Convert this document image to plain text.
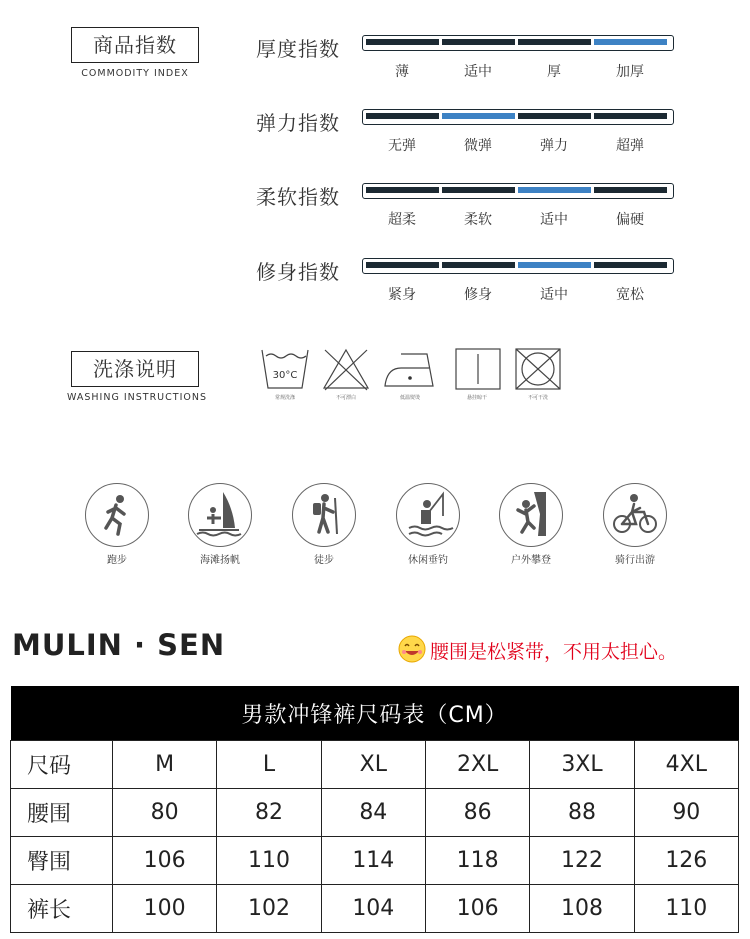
商品指数
COMMODITY INDEX
厚度指数
薄	适中	厚	加厚
弹力指数
无弹	微弹	弹力	超弹
柔软指数
超柔	柔软	适中	偏硬
修身指数
紧身	修身	适中	宽松
洗涤说明
WASHING INSTRUCTIONS
30°C
常规洗涤	不可漂白	低温熨烫	悬挂晾干	不可干洗
跑步	海滩扬帆	徒步	休闲垂钓	户外攀登	骑行出游
MULIN · SEN	腰围是松紧带，不用太担心。
男款冲锋裤尺码表（CM）						
尺码	M	L	XL	2XL	3XL	4XL
腰围	80	82	84	86	88	90
臀围	106	110	114	118	122	126
裤长	100	102	104	106	108	110
